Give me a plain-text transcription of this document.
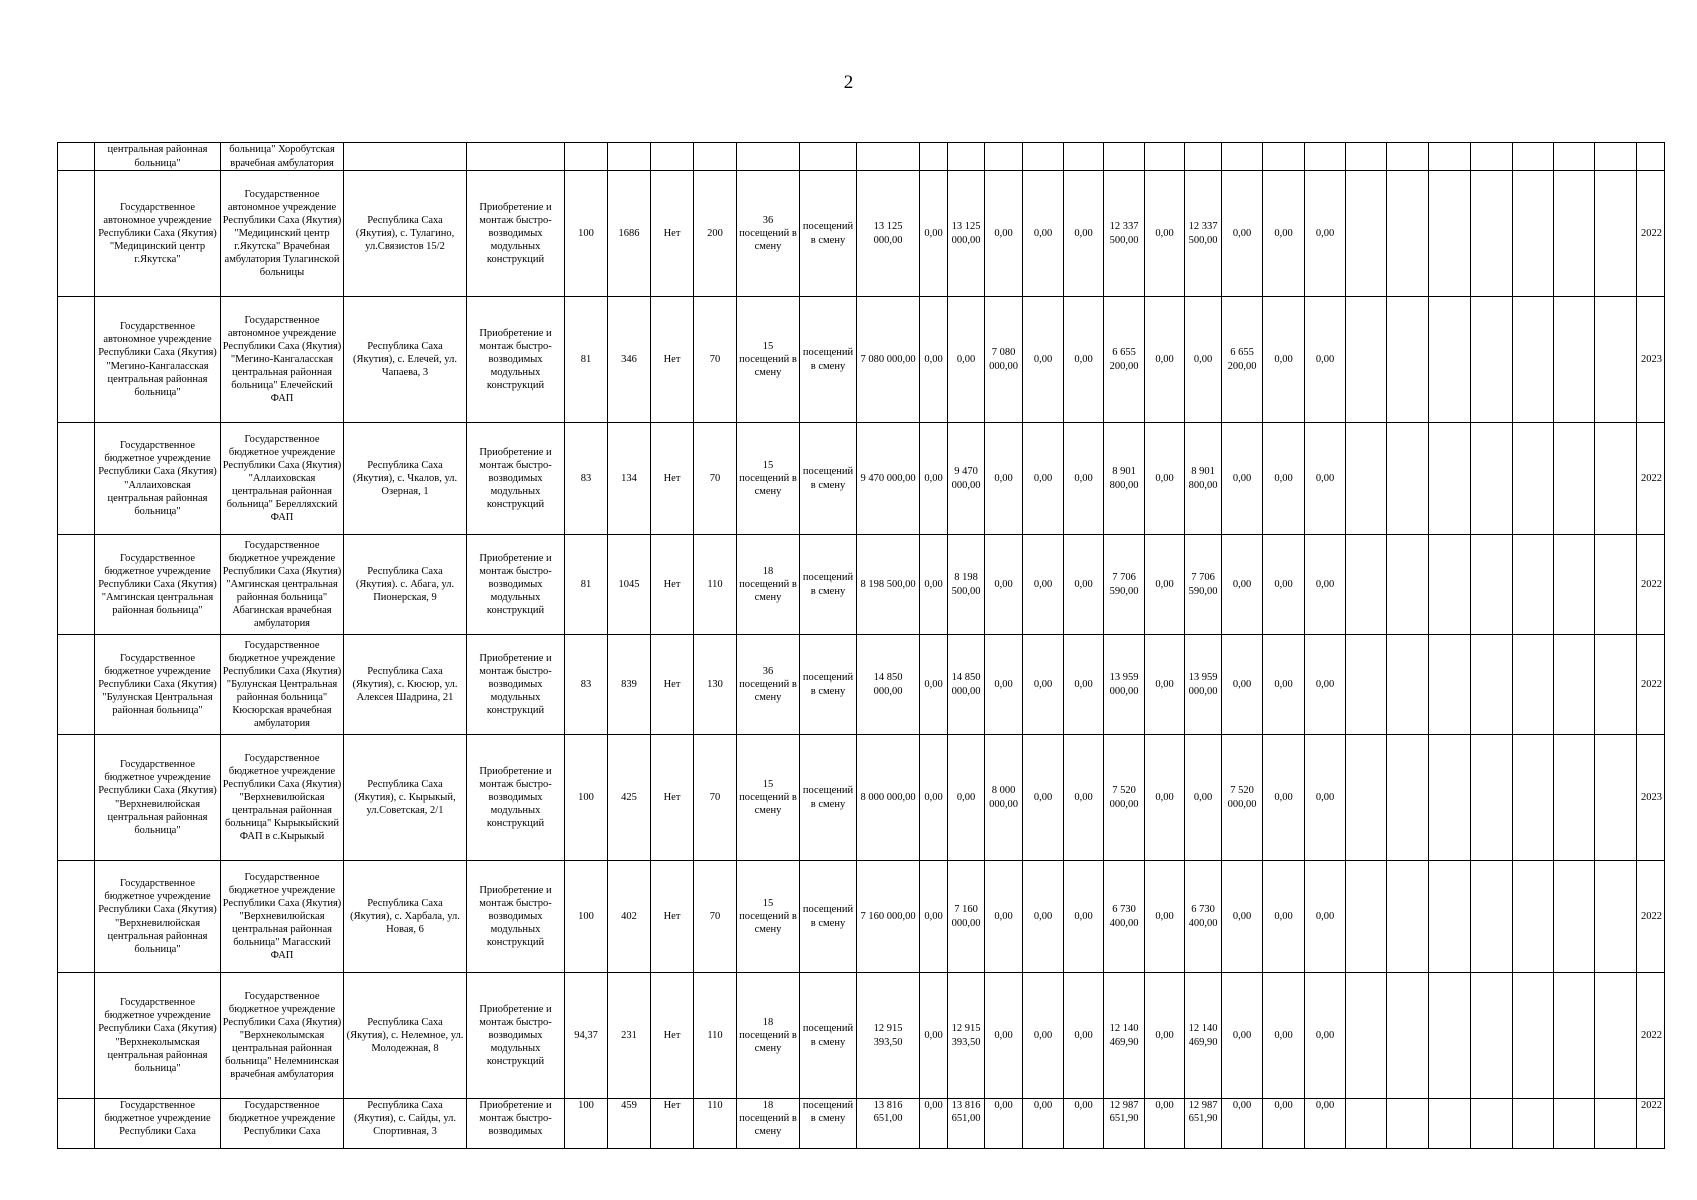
2
	центральная районная больница"	больница" Хоробутская врачебная амбулатория																												
	Государственное автономное учреждение Республики Саха (Якутия) "Медицинский центр г.Якутска"	Государственное автономное учреждение Республики Саха (Якутия) "Медицинский центр г.Якутска" Врачебная амбулатория Тулагинской больницы	Республика Саха (Якутия), с. Тулагино, ул.Связистов 15/2	Приобретение и монтаж быстро-возводимых модульных конструкций	100	1686	Нет	200	36 посещений в смену	посещений в смену	13 125 000,00	0,00	13 125 000,00	0,00	0,00	0,00	12 337 500,00	0,00	12 337 500,00	0,00	0,00	0,00								2022
	Государственное автономное учреждение Республики Саха (Якутия) "Мегино-Кангаласская центральная районная больница"	Государственное автономное учреждение Республики Саха (Якутия) "Мегино-Кангаласская центральная районная больница" Елечейский ФАП	Республика Саха (Якутия), с. Елечей, ул. Чапаева, 3	Приобретение и монтаж быстро-возводимых модульных конструкций	81	346	Нет	70	15 посещений в смену	посещений в смену	7 080 000,00	0,00	0,00	7 080 000,00	0,00	0,00	6 655 200,00	0,00	0,00	6 655 200,00	0,00	0,00								2023
	Государственное бюджетное учреждение Республики Саха (Якутия) "Аллаиховская центральная районная больница"	Государственное бюджетное учреждение Республики Саха (Якутия) "Аллаиховская центральная районная больница" Берелляхский ФАП	Республика Саха (Якутия), с. Чкалов, ул. Озерная, 1	Приобретение и монтаж быстро-возводимых модульных конструкций	83	134	Нет	70	15 посещений в смену	посещений в смену	9 470 000,00	0,00	9 470 000,00	0,00	0,00	0,00	8 901 800,00	0,00	8 901 800,00	0,00	0,00	0,00								2022
	Государственное бюджетное учреждение Республики Саха (Якутия) "Амгинская центральная районная больница"	Государственное бюджетное учреждение Республики Саха (Якутия) "Амгинская центральная районная больница" Абагинская врачебная амбулатория	Республика Саха (Якутия). с. Абага, ул. Пионерская, 9	Приобретение и монтаж быстро-возводимых модульных конструкций	81	1045	Нет	110	18 посещений в смену	посещений в смену	8 198 500,00	0,00	8 198 500,00	0,00	0,00	0,00	7 706 590,00	0,00	7 706 590,00	0,00	0,00	0,00								2022
	Государственное бюджетное учреждение Республики Саха (Якутия) "Булунская Центральная районная больница"	Государственное бюджетное учреждение Республики Саха (Якутия) "Булунская Центральная районная больница" Кюсюрская врачебная амбулатория	Республика Саха (Якутия), с. Кюсюр, ул. Алексея Шадрина, 21	Приобретение и монтаж быстро-возводимых модульных конструкций	83	839	Нет	130	36 посещений в смену	посещений в смену	14 850 000,00	0,00	14 850 000,00	0,00	0,00	0,00	13 959 000,00	0,00	13 959 000,00	0,00	0,00	0,00								2022
	Государственное бюджетное учреждение Республики Саха (Якутия) "Верхневилюйская центральная районная больница"	Государственное бюджетное учреждение Республики Саха (Якутия) "Верхневилюйская центральная районная больница" Кырыкыйский ФАП в с.Кырыкый	Республика Саха (Якутия), с. Кырыкый, ул.Советская, 2/1	Приобретение и монтаж быстро-возводимых модульных конструкций	100	425	Нет	70	15 посещений в смену	посещений в смену	8 000 000,00	0,00	0,00	8 000 000,00	0,00	0,00	7 520 000,00	0,00	0,00	7 520 000,00	0,00	0,00								2023
	Государственное бюджетное учреждение Республики Саха (Якутия) "Верхневилюйская центральная районная больница"	Государственное бюджетное учреждение Республики Саха (Якутия) "Верхневилюйская центральная районная больница" Магасский ФАП	Республика Саха (Якутия), с. Харбала, ул. Новая, 6	Приобретение и монтаж быстро-возводимых модульных конструкций	100	402	Нет	70	15 посещений в смену	посещений в смену	7 160 000,00	0,00	7 160 000,00	0,00	0,00	0,00	6 730 400,00	0,00	6 730 400,00	0,00	0,00	0,00								2022
	Государственное бюджетное учреждение Республики Саха (Якутия) "Верхнеколымская центральная районная больница"	Государственное бюджетное учреждение Республики Саха (Якутия) "Верхнеколымская центральная районная больница" Нелемнинская врачебная амбулатория	Республика Саха (Якутия), с. Нелемное, ул. Молодежная, 8	Приобретение и монтаж быстро-возводимых модульных конструкций	94,37	231	Нет	110	18 посещений в смену	посещений в смену	12 915 393,50	0,00	12 915 393,50	0,00	0,00	0,00	12 140 469,90	0,00	12 140 469,90	0,00	0,00	0,00								2022
	Государственное бюджетное учреждение Республики Саха	Государственное бюджетное учреждение Республики Саха	Республика Саха (Якутия), с. Сайды, ул. Спортивная, 3	Приобретение и монтаж быстро-возводимых	100	459	Нет	110	18 посещений в смену	посещений в смену	13 816 651,00	0,00	13 816 651,00	0,00	0,00	0,00	12 987 651,90	0,00	12 987 651,90	0,00	0,00	0,00								2022
